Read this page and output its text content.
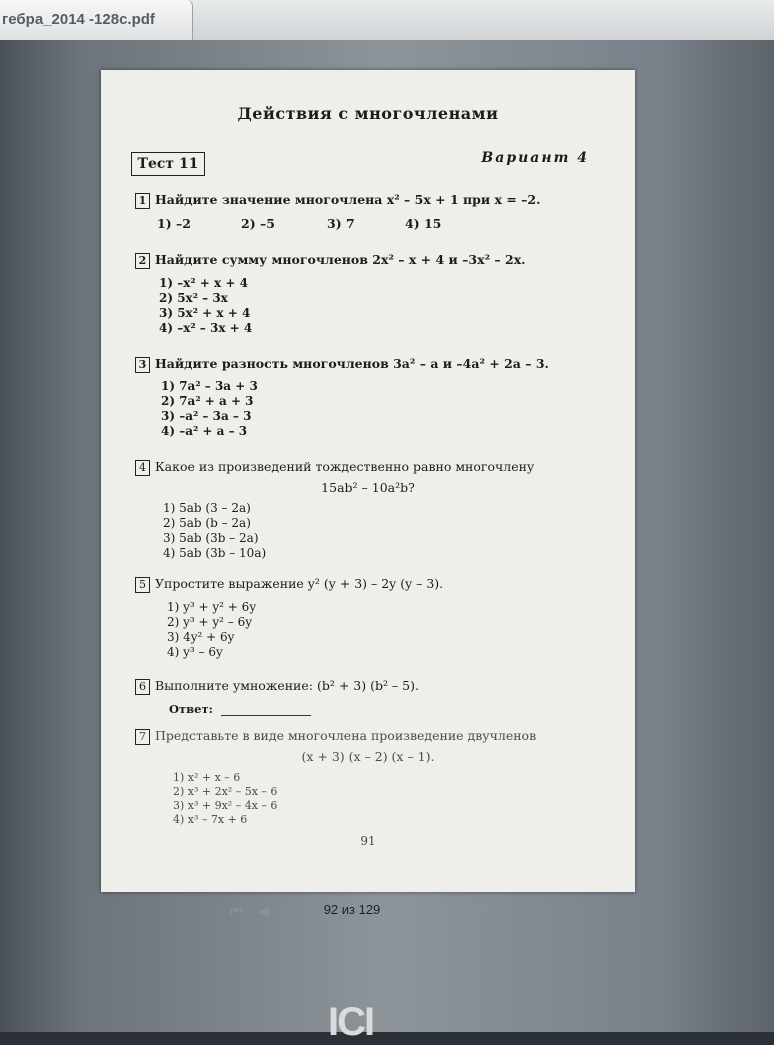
гебра_2014 -128с.pdf
Действия с многочленами
Тест 11	Вариант 4
1 Найдите значение многочлена x² – 5x + 1 при x = –2.
1) –2	2) –5	3) 7	4) 15
2 Найдите сумму многочленов 2x² – x + 4 и –3x² – 2x.
1) –x² + x + 4
2) 5x² – 3x
3) 5x² + x + 4
4) –x² – 3x + 4
3 Найдите разность многочленов 3a² – a и –4a² + 2a – 3.
1) 7a² – 3a + 3
2) 7a² + a + 3
3) –a² – 3a – 3
4) –a² + a – 3
4 Какое из произведений тождественно равно многочлену
15ab² – 10a²b?
1) 5ab (3 – 2a)
2) 5ab (b – 2a)
3) 5ab (3b – 2a)
4) 5ab (3b – 10a)
5 Упростите выражение y² (y + 3) – 2y (y – 3).
1) y³ + y² + 6y
2) y³ + y² – 6y
3) 4y² + 6y
4) y³ – 6y
6 Выполните умножение: (b² + 3) (b² – 5).
Ответ:
7 Представьте в виде многочлена произведение двучленов
(x + 3) (x – 2) (x – 1).
1) x² + x – 6
2) x³ + 2x² – 5x – 6
3) x³ + 9x² – 4x – 6
4) x³ – 7x + 6
91
⏮ ◀	92 из 129	▶ ⏭ ⇦ ⇨
ICI
